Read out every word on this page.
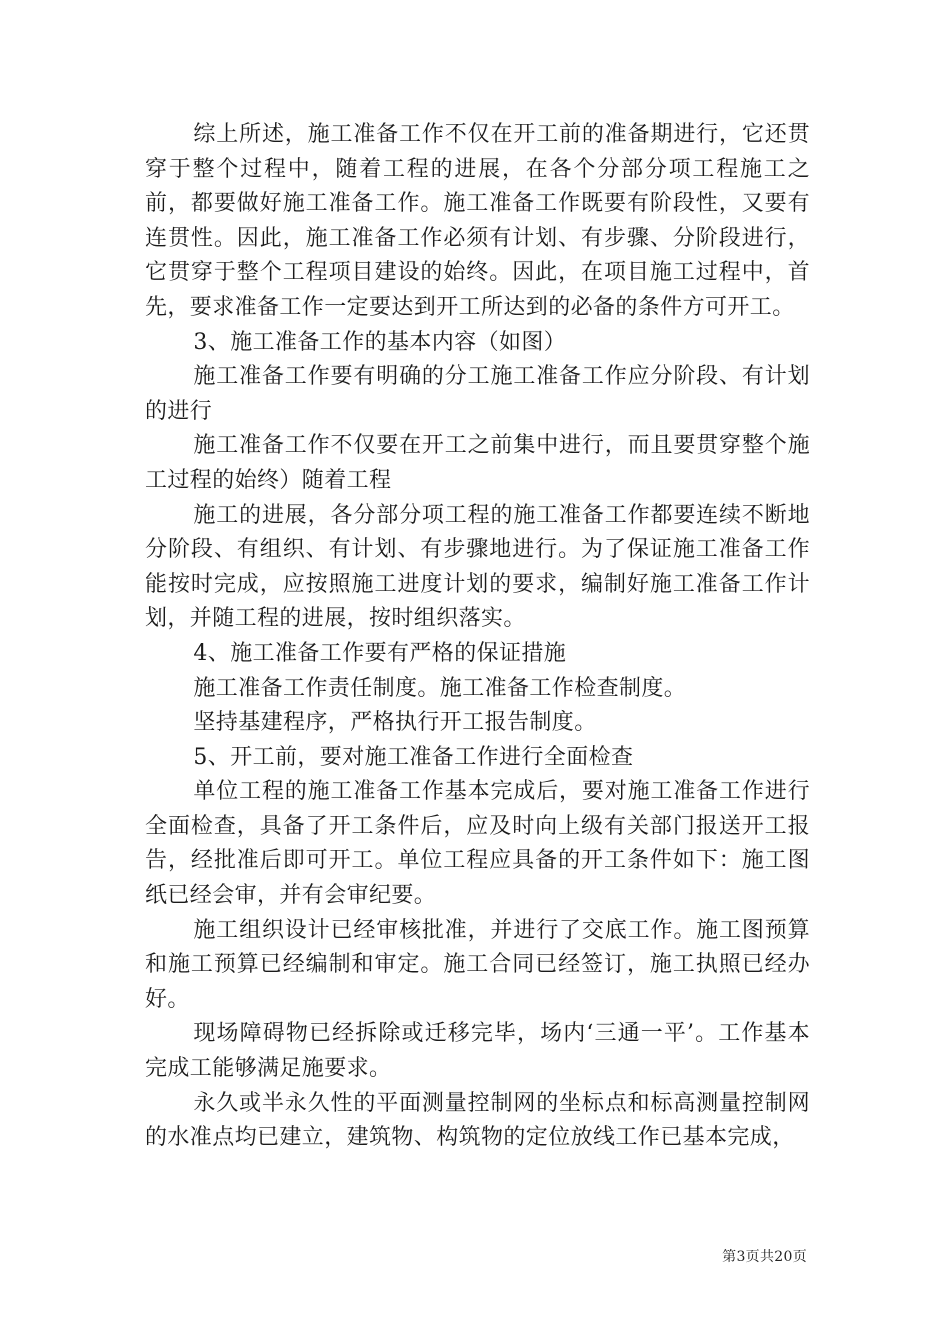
综上所述，施工准备工作不仅在开工前的准备期进行，它还贯穿于整个过程中，随着工程的进展，在各个分部分项工程施工之前，都要做好施工准备工作。施工准备工作既要有阶段性，又要有连贯性。因此，施工准备工作必须有计划、有步骤、分阶段进行，它贯穿于整个工程项目建设的始终。因此，在项目施工过程中，首先，要求准备工作一定要达到开工所达到的必备的条件方可开工。

3、施工准备工作的基本内容（如图）

施工准备工作要有明确的分工施工准备工作应分阶段、有计划的进行

施工准备工作不仅要在开工之前集中进行，而且要贯穿整个施工过程的始终）随着工程

施工的进展，各分部分项工程的施工准备工作都要连续不断地分阶段、有组织、有计划、有步骤地进行。为了保证施工准备工作能按时完成，应按照施工进度计划的要求，编制好施工准备工作计划，并随工程的进展，按时组织落实。

4、施工准备工作要有严格的保证措施

施工准备工作责任制度。施工准备工作检查制度。

坚持基建程序，严格执行开工报告制度。

5、开工前，要对施工准备工作进行全面检查

单位工程的施工准备工作基本完成后，要对施工准备工作进行全面检查，具备了开工条件后，应及时向上级有关部门报送开工报告，经批准后即可开工。单位工程应具备的开工条件如下：施工图纸已经会审，并有会审纪要。

施工组织设计已经审核批准，并进行了交底工作。施工图预算和施工预算已经编制和审定。施工合同已经签订，施工执照已经办好。

现场障碍物已经拆除或迁移完毕，场内‘三通一平’。工作基本完成工能够满足施要求。

永久或半永久性的平面测量控制网的坐标点和标高测量控制网的水准点均已建立，建筑物、构筑物的定位放线工作已基本完成，

第3页共20页
